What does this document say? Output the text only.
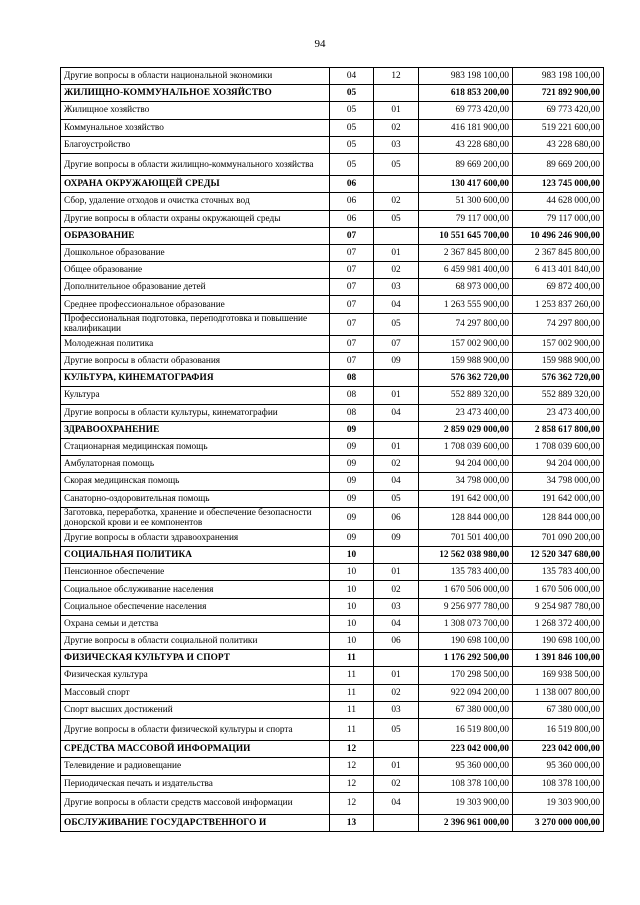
94
Другие вопросы в области национальной экономики	04	12	983 198 100,00	983 198 100,00
ЖИЛИЩНО-КОММУНАЛЬНОЕ ХОЗЯЙСТВО	05		618 853 200,00	721 892 900,00
Жилищное хозяйство	05	01	69 773 420,00	69 773 420,00
Коммунальное хозяйство	05	02	416 181 900,00	519 221 600,00
Благоустройство	05	03	43 228 680,00	43 228 680,00
Другие вопросы в области жилищно-коммунального хозяйства	05	05	89 669 200,00	89 669 200,00
ОХРАНА ОКРУЖАЮЩЕЙ СРЕДЫ	06		130 417 600,00	123 745 000,00
Сбор, удаление отходов и очистка сточных вод	06	02	51 300 600,00	44 628 000,00
Другие вопросы в области охраны окружающей среды	06	05	79 117 000,00	79 117 000,00
ОБРАЗОВАНИЕ	07		10 551 645 700,00	10 496 246 900,00
Дошкольное образование	07	01	2 367 845 800,00	2 367 845 800,00
Общее образование	07	02	6 459 981 400,00	6 413 401 840,00
Дополнительное образование детей	07	03	68 973 000,00	69 872 400,00
Среднее профессиональное образование	07	04	1 263 555 900,00	1 253 837 260,00
Профессиональная подготовка, переподготовка и повышение квалификации	07	05	74 297 800,00	74 297 800,00
Молодежная политика	07	07	157 002 900,00	157 002 900,00
Другие вопросы в области образования	07	09	159 988 900,00	159 988 900,00
КУЛЬТУРА, КИНЕМАТОГРАФИЯ	08		576 362 720,00	576 362 720,00
Культура	08	01	552 889 320,00	552 889 320,00
Другие вопросы в области культуры, кинематографии	08	04	23 473 400,00	23 473 400,00
ЗДРАВООХРАНЕНИЕ	09		2 859 029 000,00	2 858 617 800,00
Стационарная медицинская помощь	09	01	1 708 039 600,00	1 708 039 600,00
Амбулаторная помощь	09	02	94 204 000,00	94 204 000,00
Скорая медицинская помощь	09	04	34 798 000,00	34 798 000,00
Санаторно-оздоровительная помощь	09	05	191 642 000,00	191 642 000,00
Заготовка, переработка, хранение и обеспечение безопасности донорской крови и ее компонентов	09	06	128 844 000,00	128 844 000,00
Другие вопросы в области здравоохранения	09	09	701 501 400,00	701 090 200,00
СОЦИАЛЬНАЯ ПОЛИТИКА	10		12 562 038 980,00	12 520 347 680,00
Пенсионное обеспечение	10	01	135 783 400,00	135 783 400,00
Социальное обслуживание населения	10	02	1 670 506 000,00	1 670 506 000,00
Социальное обеспечение населения	10	03	9 256 977 780,00	9 254 987 780,00
Охрана семьи и детства	10	04	1 308 073 700,00	1 268 372 400,00
Другие вопросы в области социальной политики	10	06	190 698 100,00	190 698 100,00
ФИЗИЧЕСКАЯ КУЛЬТУРА И СПОРТ	11		1 176 292 500,00	1 391 846 100,00
Физическая культура	11	01	170 298 500,00	169 938 500,00
Массовый спорт	11	02	922 094 200,00	1 138 007 800,00
Спорт высших достижений	11	03	67 380 000,00	67 380 000,00
Другие вопросы в области физической культуры и спорта	11	05	16 519 800,00	16 519 800,00
СРЕДСТВА МАССОВОЙ ИНФОРМАЦИИ	12		223 042 000,00	223 042 000,00
Телевидение и радиовещание	12	01	95 360 000,00	95 360 000,00
Периодическая печать и издательства	12	02	108 378 100,00	108 378 100,00
Другие вопросы в области средств массовой информации	12	04	19 303 900,00	19 303 900,00
ОБСЛУЖИВАНИЕ ГОСУДАРСТВЕННОГО И	13		2 396 961 000,00	3 270 000 000,00
